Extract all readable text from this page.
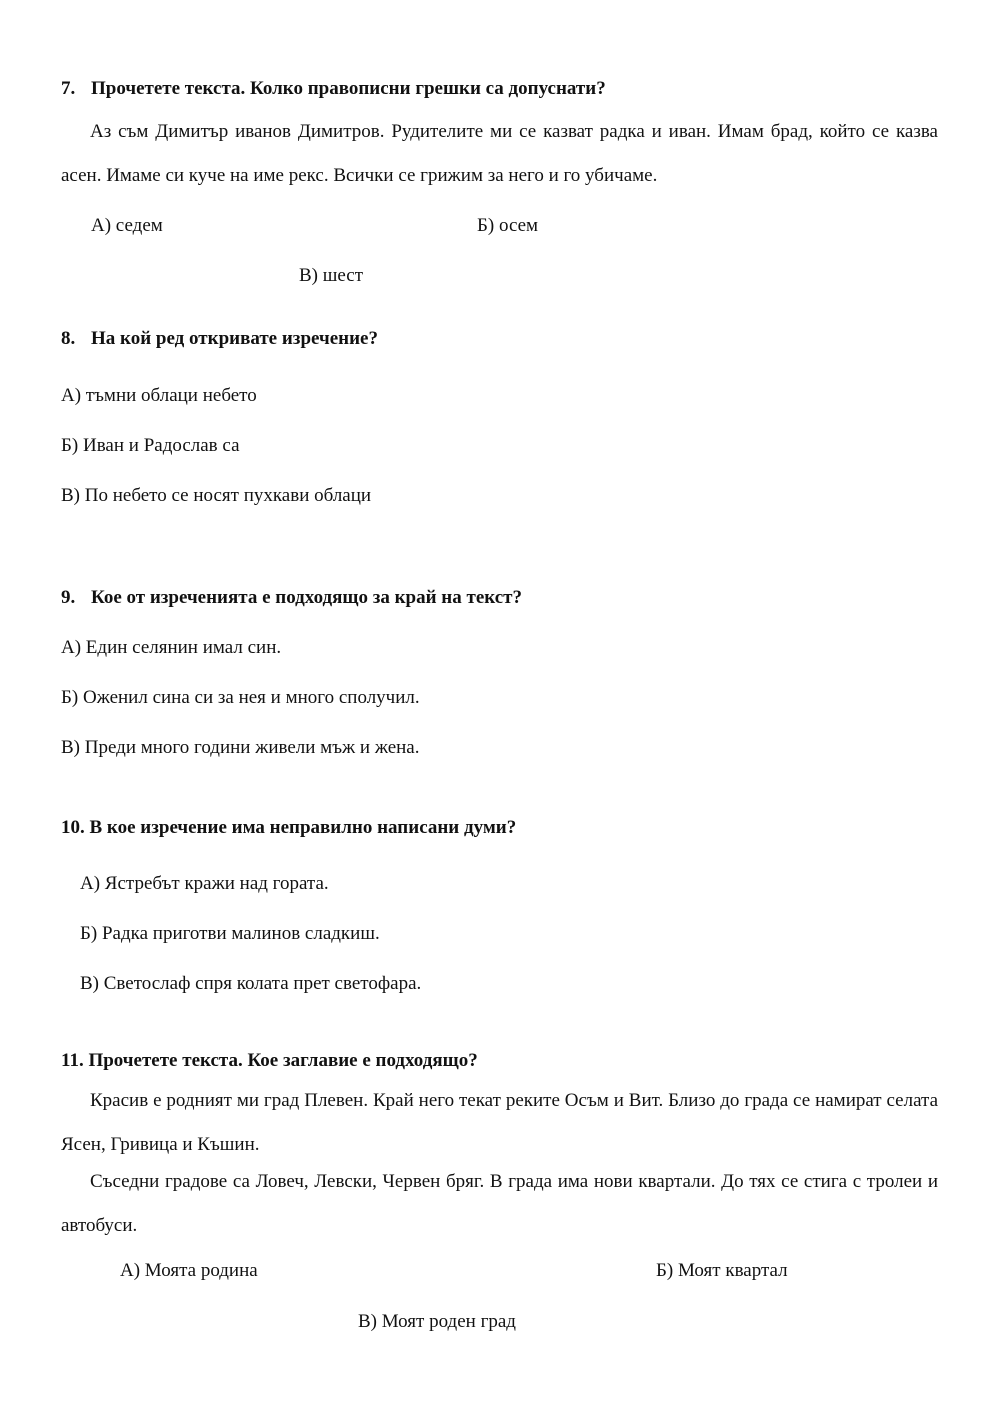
7. Прочетете текста. Колко правописни грешки са допуснати?
Аз съм Димитър иванов Димитров. Рудителите ми се казват радка и иван. Имам брад, който се казва асен. Имаме си куче на име рекс. Всички се грижим за него и го убичаме.
А) седем	Б) осем
В) шест
8. На кой ред откривате изречение?
А) тъмни облаци небето
Б) Иван и Радослав са
В) По небето се носят пухкави облаци
9. Кое от изреченията е подходящо за край на текст?
А) Един селянин имал син.
Б) Оженил сина си за нея и много сполучил.
В) Преди много години живели мъж и жена.
10. В кое изречение има неправилно написани думи?
А) Ястребът кражи над гората.
Б) Радка приготви малинов сладкиш.
В) Светослаф спря колата прет светофара.
11. Прочетете текста. Кое заглавие е подходящо?
Красив е родният ми град Плевен. Край него текат реките Осъм и Вит. Близо до града се намират селата Ясен, Гривица и Къшин.
Съседни градове са Ловеч, Левски, Червен бряг. В града има нови квартали. До тях се стига с тролеи и автобуси.
А) Моята родина	Б) Моят квартал
В) Моят роден град
